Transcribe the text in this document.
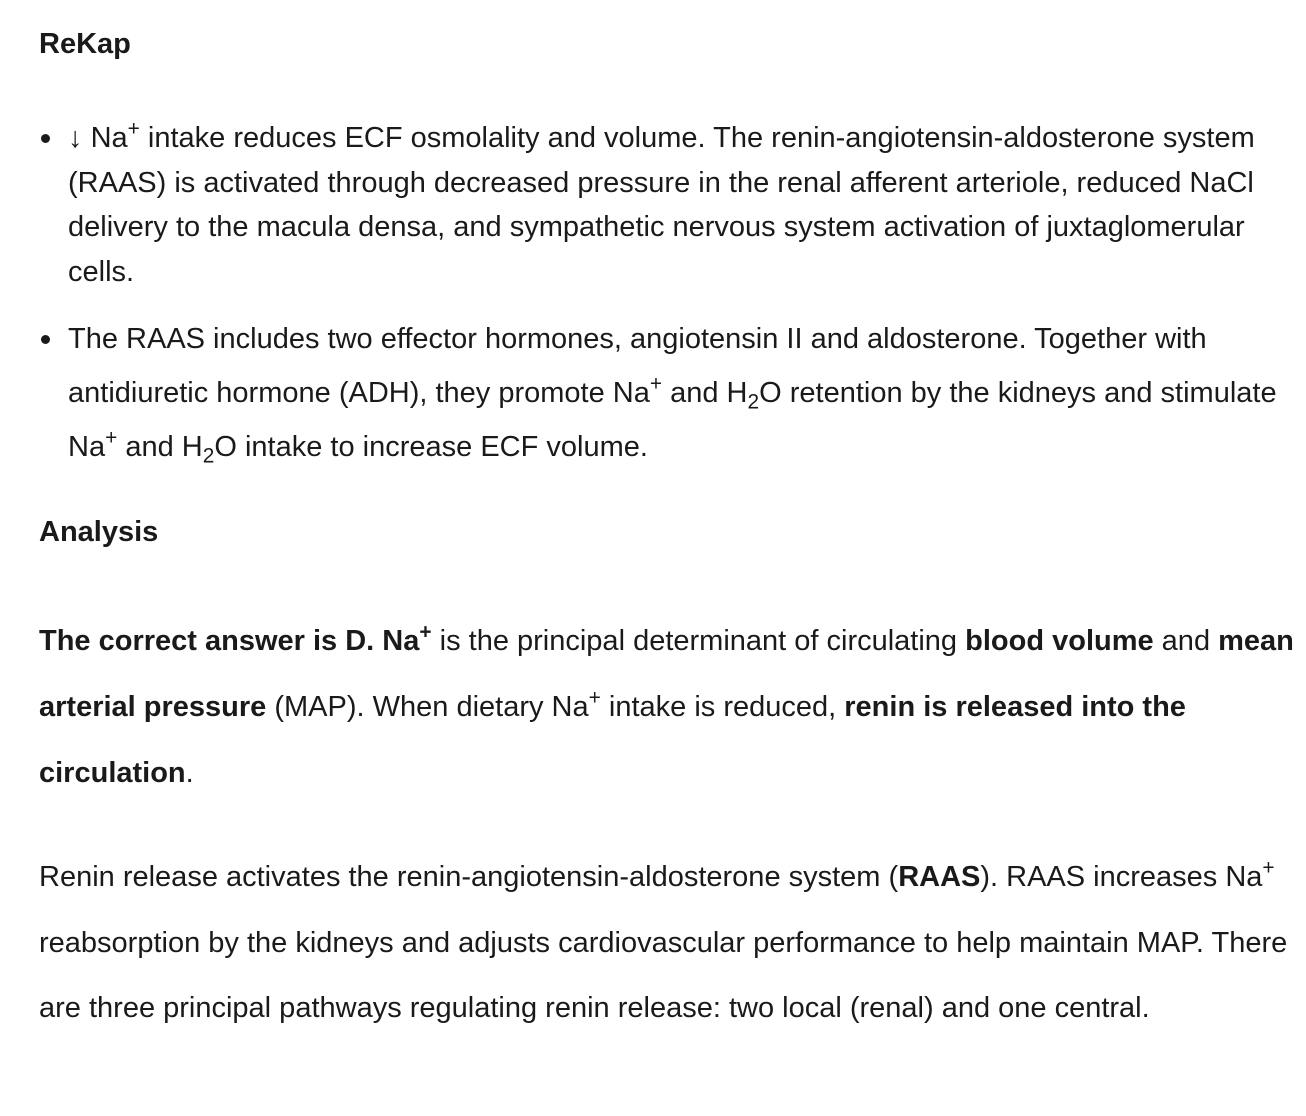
ReKap
↓ Na+ intake reduces ECF osmolality and volume. The renin-angiotensin-aldosterone system (RAAS) is activated through decreased pressure in the renal afferent arteriole, reduced NaCl delivery to the macula densa, and sympathetic nervous system activation of juxtaglomerular cells.
The RAAS includes two effector hormones, angiotensin II and aldosterone. Together with antidiuretic hormone (ADH), they promote Na+ and $H_2O$ retention by the kidneys and stimulate Na+ and $H_2O$ intake to increase ECF volume.
Analysis

The correct answer is D. Na+ is the principal determinant of circulating blood volume and mean arterial pressure (MAP). When dietary Na+ intake is reduced, renin is released into the circulation.

Renin release activates the renin-angiotensin-aldosterone system (RAAS). RAAS increases Na+ reabsorption by the kidneys and adjusts cardiovascular performance to help maintain MAP. There are three principal pathways regulating renin release: two local (renal) and one central.
